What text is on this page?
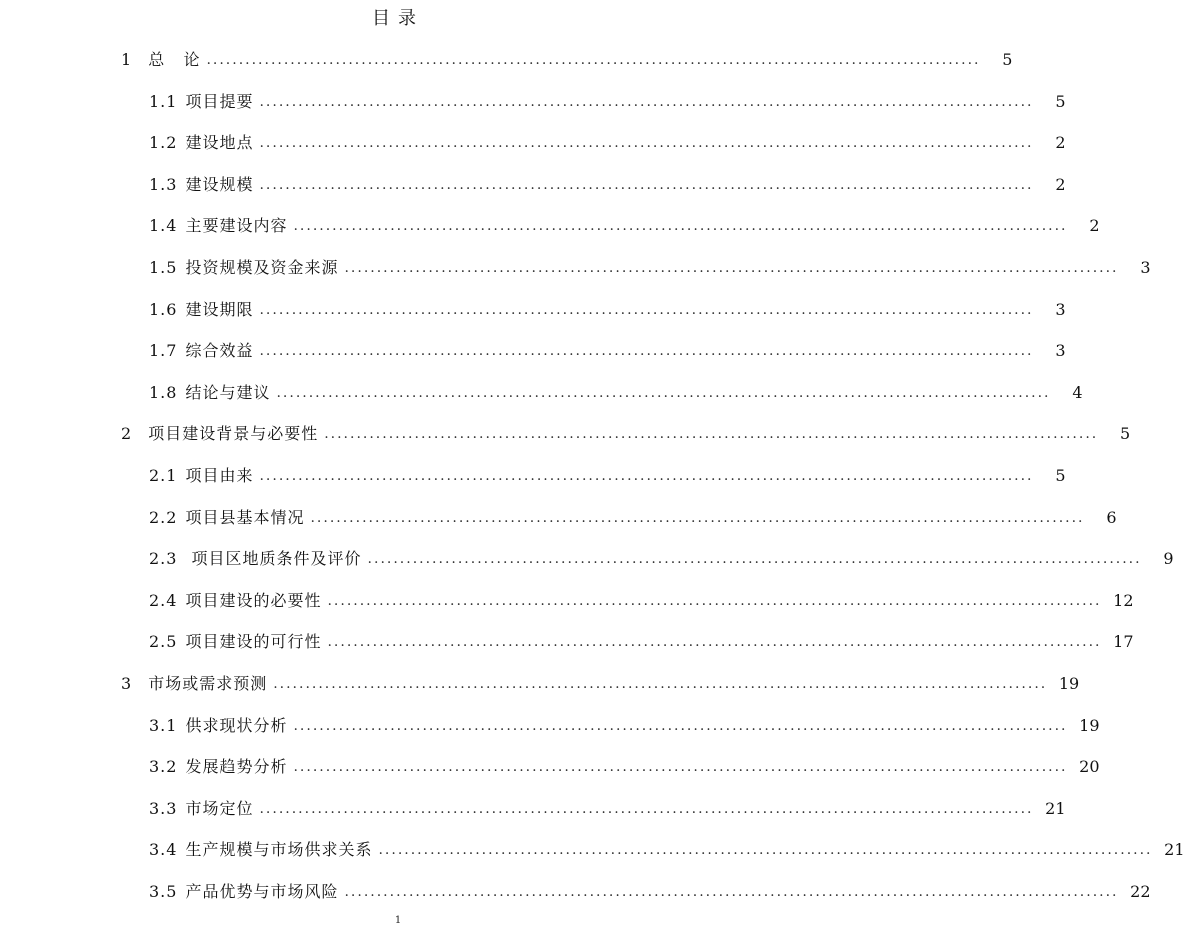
目录
1 总   论 ........................................................................................................................	5
1.1 项目提要 ........................................................................................................................	5
1.2 建设地点 ........................................................................................................................	2
1.3 建设规模 ........................................................................................................................	2
1.4 主要建设内容 ........................................................................................................................	2
1.5 投资规模及资金来源 ........................................................................................................................	3
1.6 建设期限 ........................................................................................................................	3
1.7 综合效益 ........................................................................................................................	3
1.8 结论与建议 ........................................................................................................................	4
2 项目建设背景与必要性 ........................................................................................................................	5
2.1 项目由来 ........................................................................................................................	5
2.2 项目县基本情况 ........................................................................................................................	6
2.3 项目区地质条件及评价 ........................................................................................................................	9
2.4 项目建设的必要性 ........................................................................................................................ 12
2.5 项目建设的可行性 ........................................................................................................................ 17
3 市场或需求预测 ........................................................................................................................ 19
3.1 供求现状分析 ........................................................................................................................ 19
3.2 发展趋势分析 ........................................................................................................................ 20
3.3 市场定位 ........................................................................................................................ 21
3.4 生产规模与市场供求关系 ........................................................................................................................ 21
3.5 产品优势与市场风险 ........................................................................................................................ 22
1
